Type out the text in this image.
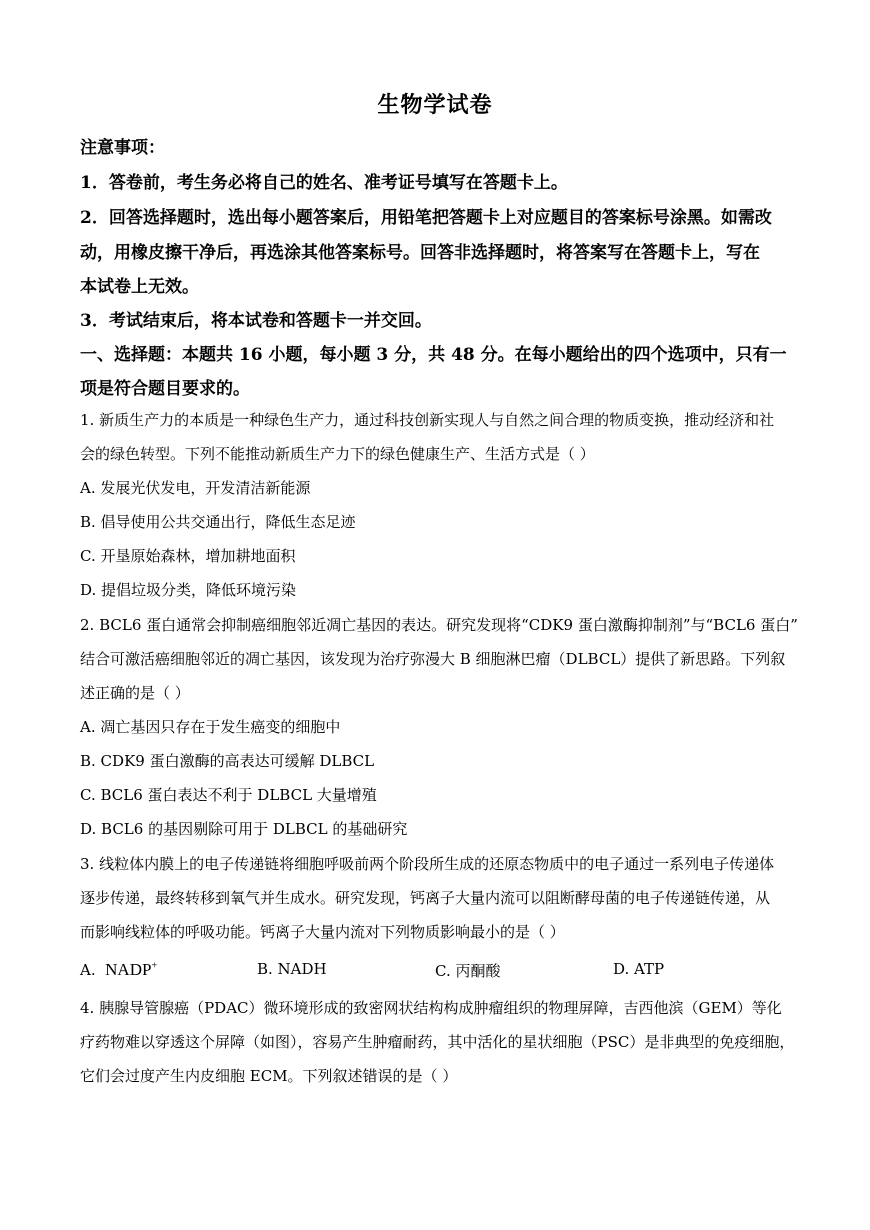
生物学试卷
注意事项：
1．答卷前，考生务必将自己的姓名、准考证号填写在答题卡上。
2．回答选择题时，选出每小题答案后，用铅笔把答题卡上对应题目的答案标号涂黑。如需改
动，用橡皮擦干净后，再选涂其他答案标号。回答非选择题时，将答案写在答题卡上，写在
本试卷上无效。
3．考试结束后，将本试卷和答题卡一并交回。
一、选择题：本题共 16 小题，每小题 3 分，共 48 分。在每小题给出的四个选项中，只有一
项是符合题目要求的。
1. 新质生产力的本质是一种绿色生产力，通过科技创新实现人与自然之间合理的物质变换，推动经济和社
会的绿色转型。下列不能推动新质生产力下的绿色健康生产、生活方式是（ ）
A. 发展光伏发电，开发清洁新能源
B. 倡导使用公共交通出行，降低生态足迹
C. 开垦原始森林，增加耕地面积
D. 提倡垃圾分类，降低环境污染
2. BCL6 蛋白通常会抑制癌细胞邻近凋亡基因的表达。研究发现将“CDK9 蛋白激酶抑制剂”与“BCL6 蛋白”
结合可激活癌细胞邻近的凋亡基因，该发现为治疗弥漫大 B 细胞淋巴瘤（DLBCL）提供了新思路。下列叙
述正确的是（ ）
A. 凋亡基因只存在于发生癌变的细胞中
B. CDK9 蛋白激酶的高表达可缓解 DLBCL
C. BCL6 蛋白表达不利于 DLBCL 大量增殖
D. BCL6 的基因剔除可用于 DLBCL 的基础研究
3. 线粒体内膜上的电子传递链将细胞呼吸前两个阶段所生成的还原态物质中的电子通过一系列电子传递体
逐步传递，最终转移到氧气并生成水。研究发现，钙离子大量内流可以阻断酵母菌的电子传递链传递，从
而影响线粒体的呼吸功能。钙离子大量内流对下列物质影响最小的是（ ）
A. NADP+	B. NADH	C. 丙酮酸	D. ATP
4. 胰腺导管腺癌（PDAC）微环境形成的致密网状结构构成肿瘤组织的物理屏障，吉西他滨（GEM）等化
疗药物难以穿透这个屏障（如图），容易产生肿瘤耐药，其中活化的星状细胞（PSC）是非典型的免疫细胞，
它们会过度产生内皮细胞 ECM。下列叙述错误的是（ ）
